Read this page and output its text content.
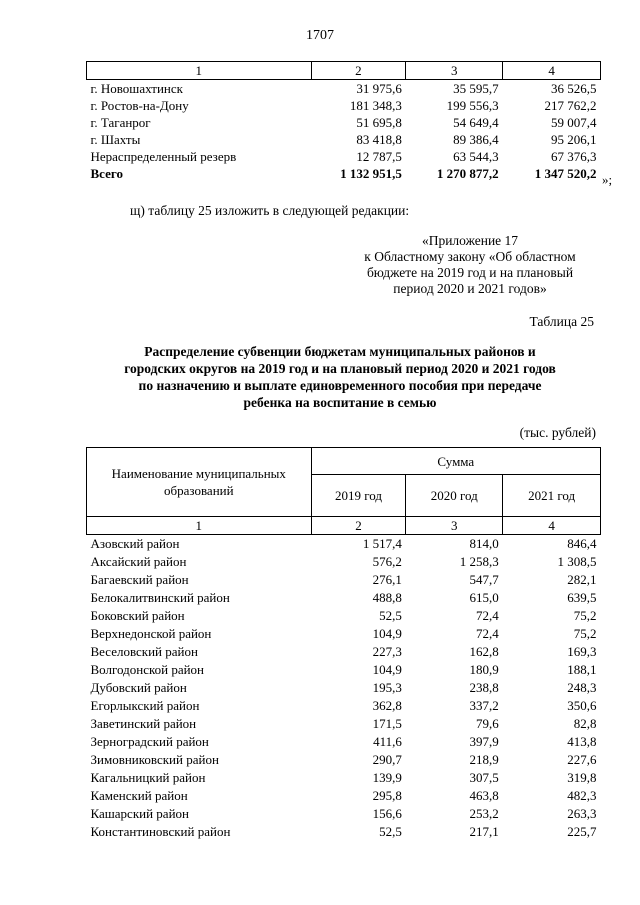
1707
1	2	3	4
г. Новошахтинск	31 975,6	35 595,7	36 526,5
г. Ростов-на-Дону	181 348,3	199 556,3	217 762,2
г. Таганрог	51 695,8	54 649,4	59 007,4
г. Шахты	83 418,8	89 386,4	95 206,1
Нераспределенный резерв	12 787,5	63 544,3	67 376,3
Всего	1 132 951,5	1 270 877,2	1 347 520,2 »;
щ) таблицу 25 изложить в следующей редакции:
«Приложение 17
к Областному закону «Об областном
бюджете на 2019 год и на плановый
период 2020 и 2021 годов»
Таблица 25
Распределение субвенции бюджетам муниципальных районов и
городских округов на 2019 год и на плановый период 2020 и 2021 годов
по назначению и выплате единовременного пособия при передаче
ребенка на воспитание в семью
(тыс. рублей)
Наименование муниципальных образований	Сумма		
	2019 год	2020 год	2021 год
1	2	3	4
Азовский район	1 517,4	814,0	846,4
Аксайский район	576,2	1 258,3	1 308,5
Багаевский район	276,1	547,7	282,1
Белокалитвинский район	488,8	615,0	639,5
Боковский район	52,5	72,4	75,2
Верхнедонской район	104,9	72,4	75,2
Веселовский район	227,3	162,8	169,3
Волгодонской район	104,9	180,9	188,1
Дубовский район	195,3	238,8	248,3
Егорлыкский район	362,8	337,2	350,6
Заветинский район	171,5	79,6	82,8
Зерноградский район	411,6	397,9	413,8
Зимовниковский район	290,7	218,9	227,6
Кагальницкий район	139,9	307,5	319,8
Каменский район	295,8	463,8	482,3
Кашарский район	156,6	253,2	263,3
Константиновский район	52,5	217,1	225,7
